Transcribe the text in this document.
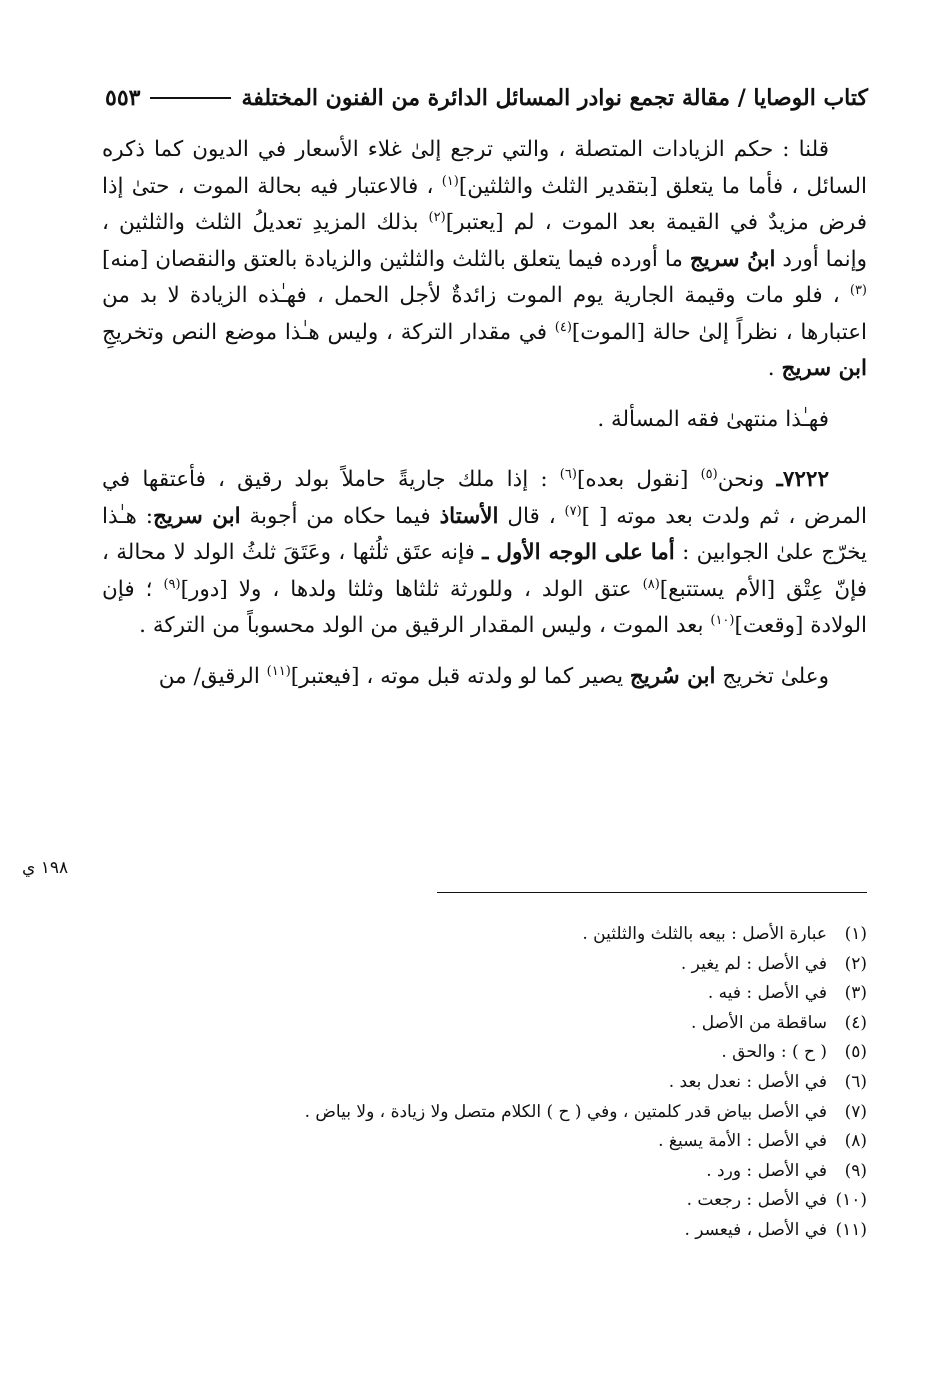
كتاب الوصايا / مقالة تجمع نوادر المسائل الدائرة من الفنون المختلفة
٥٥٣

قلنا : حكم الزيادات المتصلة ، والتي ترجع إلىٰ غلاء الأسعار في الديون كما ذكره السائل ، فأما ما يتعلق [بتقدير الثلث والثلثين]$^{(١)}$ ، فالاعتبار فيه بحالة الموت ، حتىٰ إذا فرض مزيدٌ في القيمة بعد الموت ، لم [يعتبر]$^{(٢)}$ بذلك المزيدِ تعديلُ الثلث والثلثين ، وإنما أورد ابنُ سريج ما أورده فيما يتعلق بالثلث والثلثين والزيادة بالعتق والنقصان [منه]$^{(٣)}$ ، فلو مات وقيمة الجارية يوم الموت زائدةٌ لأجل الحمل ، فهـٰذه الزيادة لا بد من اعتبارها ، نظراً إلىٰ حالة [الموت]$^{(٤)}$ في مقدار التركة ، وليس هـٰذا موضع النص وتخريجِ ابن سريج .

فهـٰذا منتهىٰ فقه المسألة .

٧٢٢٢ـ ونحن$^{(٥)}$ [نقول بعده]$^{(٦)}$ : إذا ملك جاريةً حاملاً بولد رقيق ، فأعتقها في المرض ، ثم ولدت بعد موته [ ]$^{(٧)}$ ، قال الأستاذ فيما حكاه من أجوبة ابن سريج: هـٰذا يخرّج علىٰ الجوابين : أما على الوجه الأول ـ فإنه عتَق ثلُثها ، وعَتَقَ ثلثُ الولد لا محالة ، فإنّ عِتْق [الأم يستتبع]$^{(٨)}$ عتق الولد ، وللورثة ثلثاها وثلثا ولدها ، ولا [دور]$^{(٩)}$ ؛ فإن الولادة [وقعت]$^{(١٠)}$ بعد الموت ، وليس المقدار الرقيق من الولد محسوباً من التركة .

وعلىٰ تخريج ابن سُريج يصير كما لو ولدته قبل موته ، [فيعتبر]$^{(١١)}$ الرقيق/ من

١٩٨ ي
(١)
عبارة الأصل : بيعه بالثلث والثلثين .
(٢)
في الأصل : لم يغير .
(٣)
في الأصل : فيه .
(٤)
ساقطة من الأصل .
(٥)
( ح ) : والحق .
(٦)
في الأصل : نعدل بعد .
(٧)
في الأصل بياض قدر كلمتين ، وفي ( ح ) الكلام متصل ولا زيادة ، ولا بياض .
(٨)
في الأصل : الأمة يسيغ .
(٩)
في الأصل : ورد .
(١٠)
في الأصل : رجعت .
(١١)
في الأصل ، فيعسر .
